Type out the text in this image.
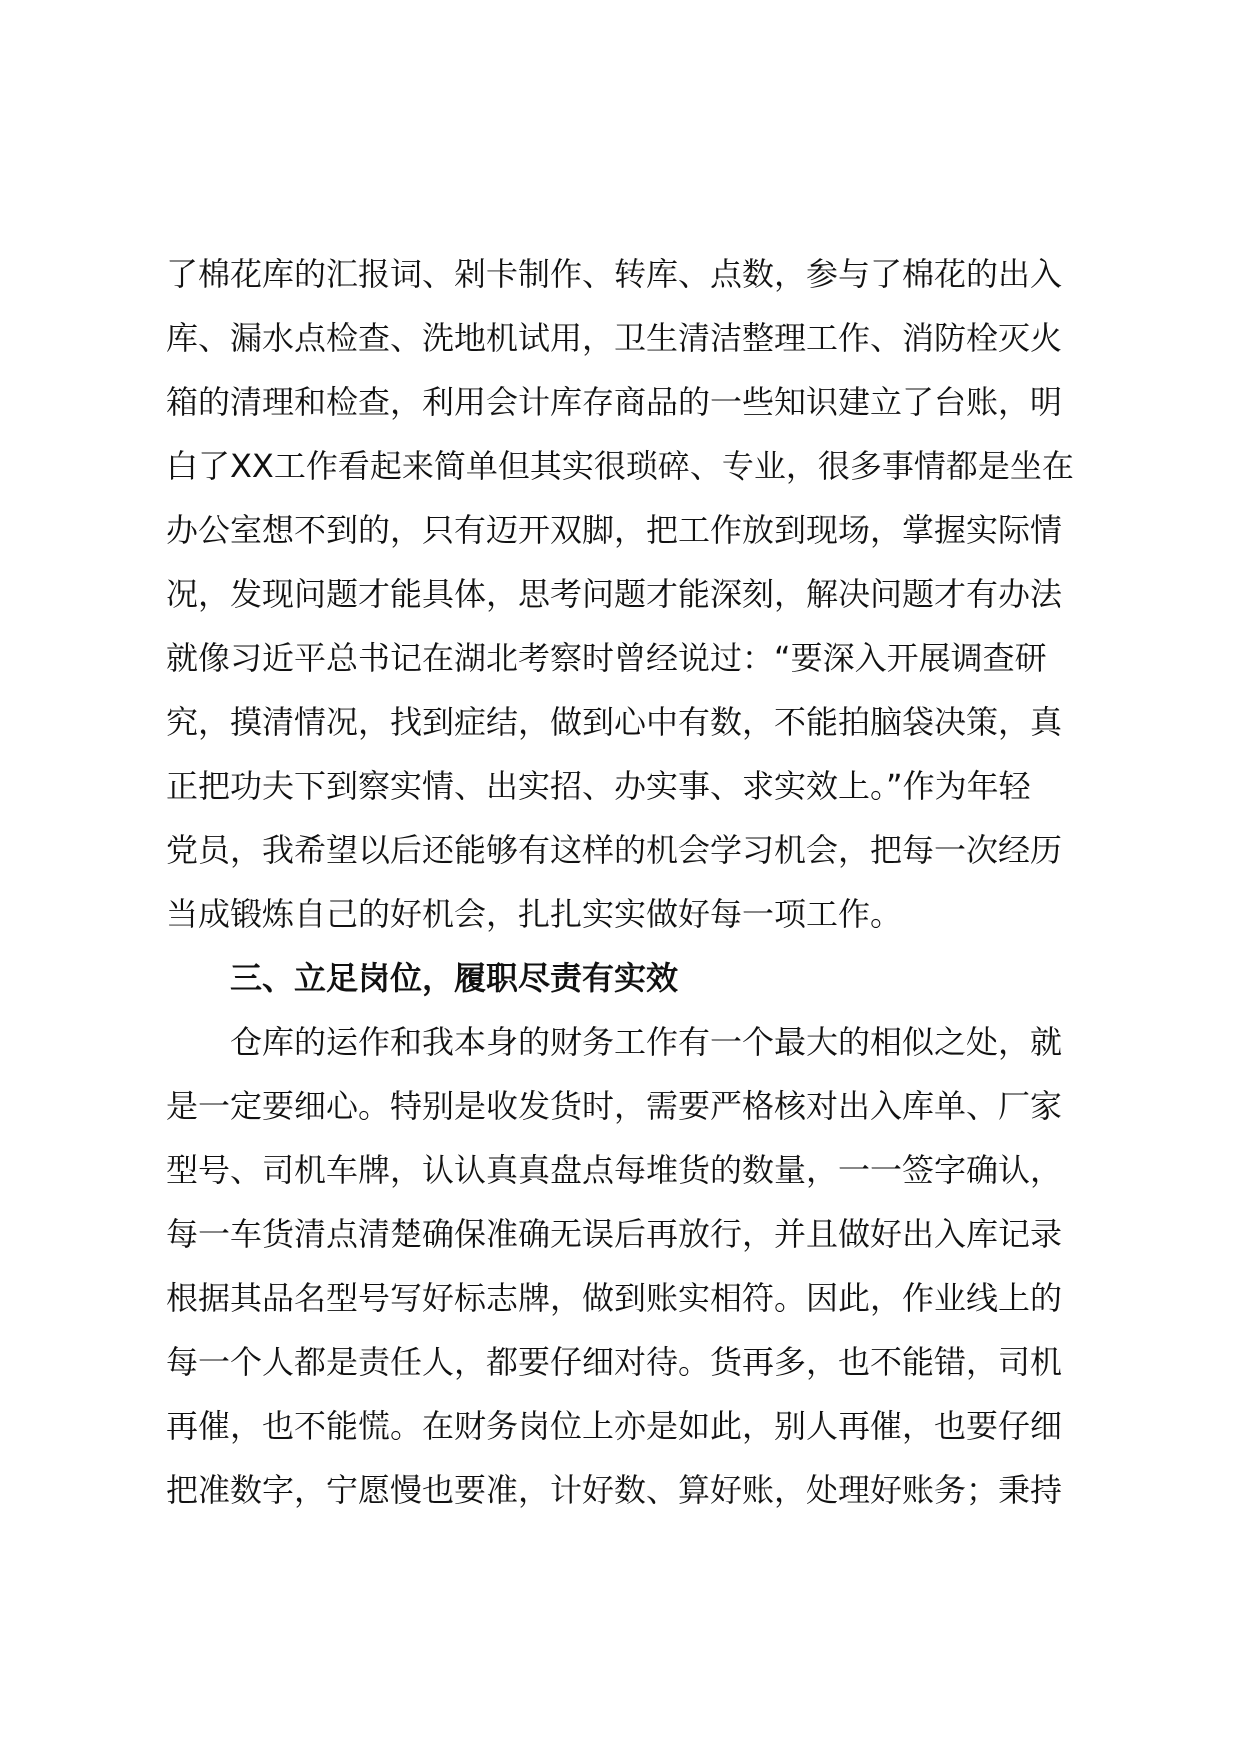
了棉花库的汇报词、剁卡制作、转库、点数，参与了棉花的出入
库、漏水点检查、洗地机试用，卫生清洁整理工作、消防栓灭火
箱的清理和检查，利用会计库存商品的一些知识建立了台账，明
白了XX工作看起来简单但其实很琐碎、专业，很多事情都是坐在
办公室想不到的，只有迈开双脚，把工作放到现场，掌握实际情
况，发现问题才能具体，思考问题才能深刻，解决问题才有办法
就像习近平总书记在湖北考察时曾经说过：“要深入开展调查研
究，摸清情况，找到症结，做到心中有数，不能拍脑袋决策，真
正把功夫下到察实情、出实招、办实事、求实效上。”作为年轻
党员，我希望以后还能够有这样的机会学习机会，把每一次经历
当成锻炼自己的好机会，扎扎实实做好每一项工作。
三、立足岗位，履职尽责有实效
仓库的运作和我本身的财务工作有一个最大的相似之处，就
是一定要细心。特别是收发货时，需要严格核对出入库单、厂家
型号、司机车牌，认认真真盘点每堆货的数量，一一签字确认，
每一车货清点清楚确保准确无误后再放行，并且做好出入库记录
根据其品名型号写好标志牌，做到账实相符。因此，作业线上的
每一个人都是责任人，都要仔细对待。货再多，也不能错，司机
再催，也不能慌。在财务岗位上亦是如此，别人再催，也要仔细
把准数字，宁愿慢也要准，计好数、算好账，处理好账务；秉持
